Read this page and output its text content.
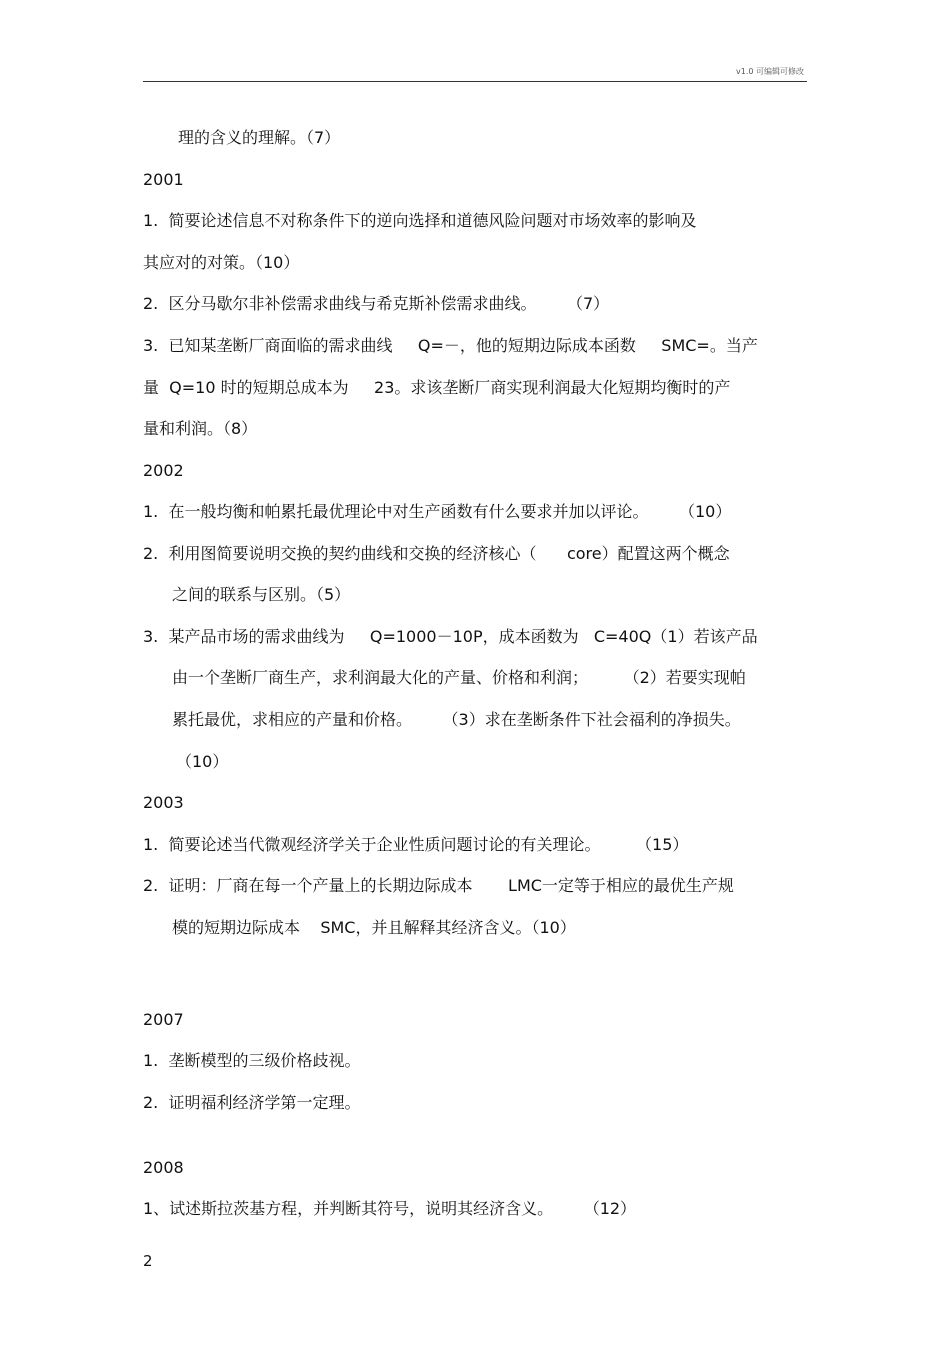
v1.0 可编辑可修改
理的含义的理解。（7）
2001
1.  简要论述信息不对称条件下的逆向选择和道德风险问题对市场效率的影响及
其应对的对策。（10）
2.  区分马歇尔非补偿需求曲线与希克斯补偿需求曲线。      （7）
3.  已知某垄断厂商面临的需求曲线     Q=－，他的短期边际成本函数     SMC=。当产
量  Q=10 时的短期总成本为     23。求该垄断厂商实现利润最大化短期均衡时的产
量和利润。（8）
2002
1.  在一般均衡和帕累托最优理论中对生产函数有什么要求并加以评论。      （10）
2.  利用图简要说明交换的契约曲线和交换的经济核心（      core）配置这两个概念
之间的联系与区别。（5）
3.  某产品市场的需求曲线为     Q=1000－10P，成本函数为   C=40Q（1）若该产品
由一个垄断厂商生产，求利润最大化的产量、价格和利润；       （2）若要实现帕
累托最优，求相应的产量和价格。      （3）求在垄断条件下社会福利的净损失。
（10）
2003
1.  简要论述当代微观经济学关于企业性质问题讨论的有关理论。       （15）
2.  证明：厂商在每一个产量上的长期边际成本       LMC一定等于相应的最优生产规
模的短期边际成本    SMC，并且解释其经济含义。（10）
2007
1.  垄断模型的三级价格歧视。
2.  证明福利经济学第一定理。
2008
1、试述斯拉茨基方程，并判断其符号，说明其经济含义。      （12）
2
